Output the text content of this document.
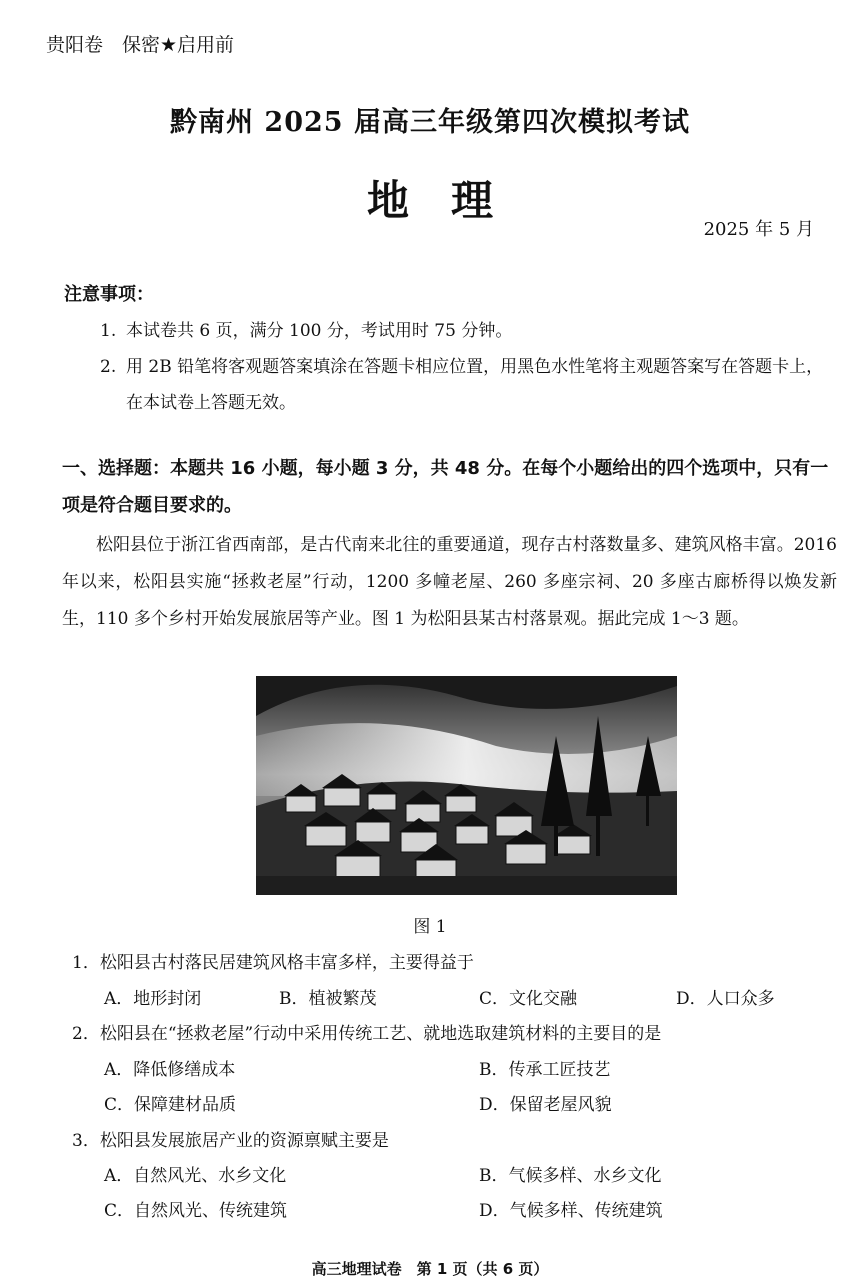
贵阳卷　保密★启用前
黔南州 2025 届高三年级第四次模拟考试
地　理
2025 年 5 月
注意事项：
1. 本试卷共 6 页，满分 100 分，考试用时 75 分钟。
2. 用 2B 铅笔将客观题答案填涂在答题卡相应位置，用黑色水性笔将主观题答案写在答题卡上，在本试卷上答题无效。
一、选择题：本题共 16 小题，每小题 3 分，共 48 分。在每个小题给出的四个选项中，只有一项是符合题目要求的。
松阳县位于浙江省西南部，是古代南来北往的重要通道，现存古村落数量多、建筑风格丰富。2016 年以来，松阳县实施“拯救老屋”行动，1200 多幢老屋、260 多座宗祠、20 多座古廊桥得以焕发新生，110 多个乡村开始发展旅居等产业。图 1 为松阳县某古村落景观。据此完成 1～3 题。
图 1
1．松阳县古村落民居建筑风格丰富多样，主要得益于
A．地形封闭	B．植被繁茂	C．文化交融	D．人口众多
2．松阳县在“拯救老屋”行动中采用传统工艺、就地选取建筑材料的主要目的是
A．降低修缮成本	B．传承工匠技艺
C．保障建材品质	D．保留老屋风貌
3．松阳县发展旅居产业的资源禀赋主要是
A．自然风光、水乡文化	B．气候多样、水乡文化
C．自然风光、传统建筑	D．气候多样、传统建筑
高三地理试卷　第 1 页（共 6 页）
